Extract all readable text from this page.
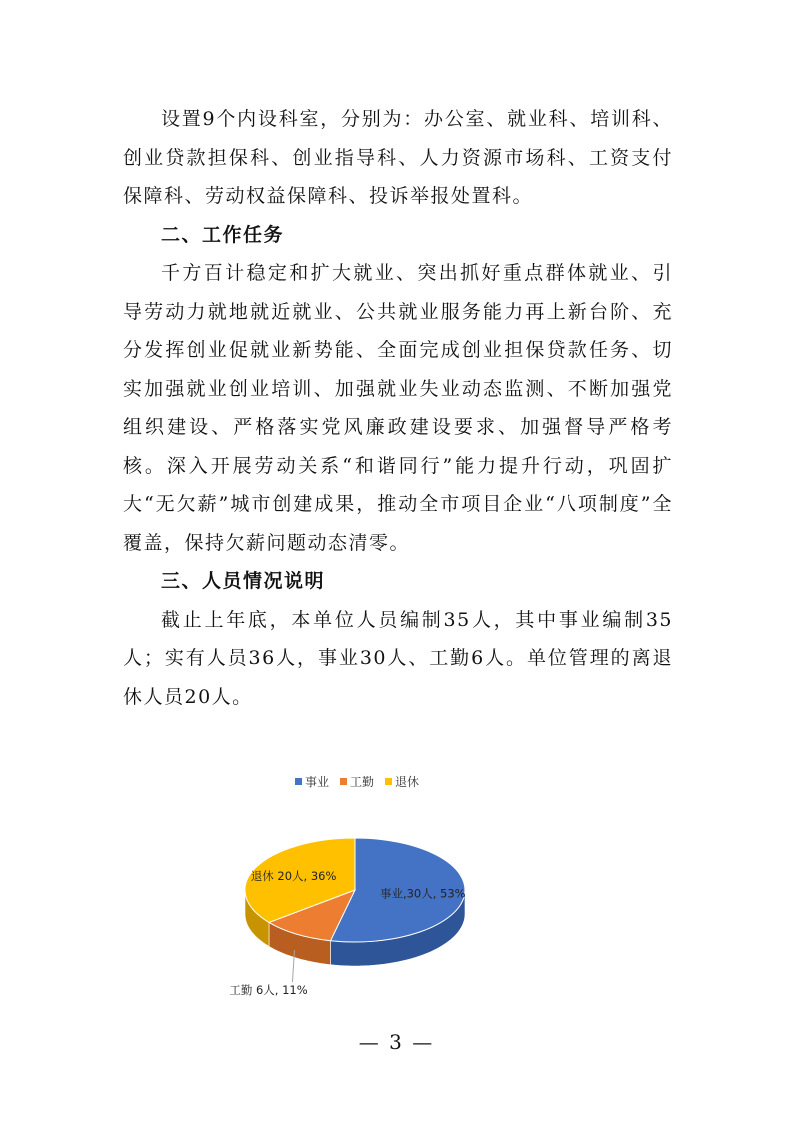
设置9个内设科室，分别为：办公室、就业科、培训科、创业贷款担保科、创业指导科、人力资源市场科、工资支付保障科、劳动权益保障科、投诉举报处置科。

二、工作任务

千方百计稳定和扩大就业、突出抓好重点群体就业、引导劳动力就地就近就业、公共就业服务能力再上新台阶、充分发挥创业促就业新势能、全面完成创业担保贷款任务、切实加强就业创业培训、加强就业失业动态监测、不断加强党组织建设、严格落实党风廉政建设要求、加强督导严格考核。深入开展劳动关系“和谐同行”能力提升行动，巩固扩大“无欠薪”城市创建成果，推动全市项目企业“八项制度”全覆盖，保持欠薪问题动态清零。

三、人员情况说明

截止上年底，本单位人员编制35人，其中事业编制35人；实有人员36人，事业30人、工勤6人。单位管理的离退休人员20人。

事业 工勤 退休
事业,30人, 53%
工勤 6人, 11%
退休 20人, 36%
— 3 —
